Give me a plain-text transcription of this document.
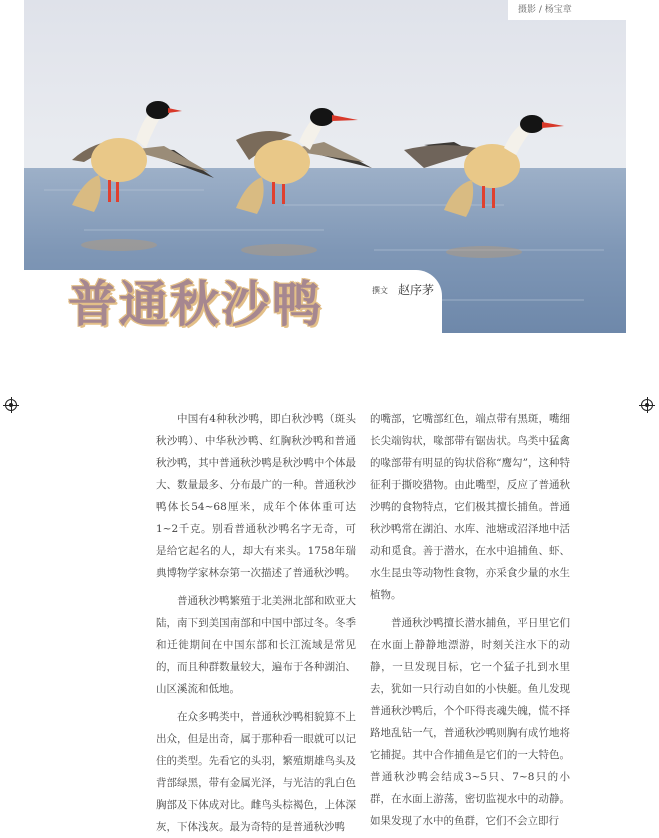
摄影 / 杨宝章
普通秋沙鸭	撰文 赵序茅

中国有4种秋沙鸭，即白秋沙鸭（斑头秋沙鸭）、中华秋沙鸭、红胸秋沙鸭和普通秋沙鸭，其中普通秋沙鸭是秋沙鸭中个体最大、数量最多、分布最广的一种。普通秋沙鸭体长54~68厘米，成年个体体重可达1~2千克。别看普通秋沙鸭名字无奇，可是给它起名的人，却大有来头。1758年瑞典博物学家林奈第一次描述了普通秋沙鸭。

普通秋沙鸭繁殖于北美洲北部和欧亚大陆，南下到美国南部和中国中部过冬。冬季和迁徙期间在中国东部和长江流域是常见的，而且种群数量较大，遍布于各种湖泊、山区溪流和低地。

在众多鸭类中，普通秋沙鸭相貌算不上出众，但是出奇，属于那种看一眼就可以记住的类型。先看它的头羽，繁殖期雄鸟头及背部绿黑，带有金属光泽，与光洁的乳白色胸部及下体成对比。雌鸟头棕褐色，上体深灰，下体浅灰。最为奇特的是普通秋沙鸭

的嘴部，它嘴部红色，端点带有黑斑，嘴细长尖端钩状，喙部带有锯齿状。鸟类中猛禽的喙部带有明显的钩状俗称“鹰勾”，这种特征利于撕咬猎物。由此嘴型，反应了普通秋沙鸭的食物特点，它们极其擅长捕鱼。普通秋沙鸭常在湖泊、水库、池塘或沼泽地中活动和觅食。善于潜水，在水中追捕鱼、虾、水生昆虫等动物性食物，亦采食少量的水生植物。

普通秋沙鸭擅长潜水捕鱼，平日里它们在水面上静静地漂游，时刻关注水下的动静，一旦发现目标，它一个猛子扎到水里去，犹如一只行动自如的小快艇。鱼儿发现普通秋沙鸭后，个个吓得丧魂失魄，慌不择路地乱钻一气，普通秋沙鸭则胸有成竹地将它捕捉。其中合作捕鱼是它们的一大特色。普通秋沙鸭会结成3~5只、7~8只的小群，在水面上游荡，密切监视水中的动静。如果发现了水中的鱼群，它们不会立即行
